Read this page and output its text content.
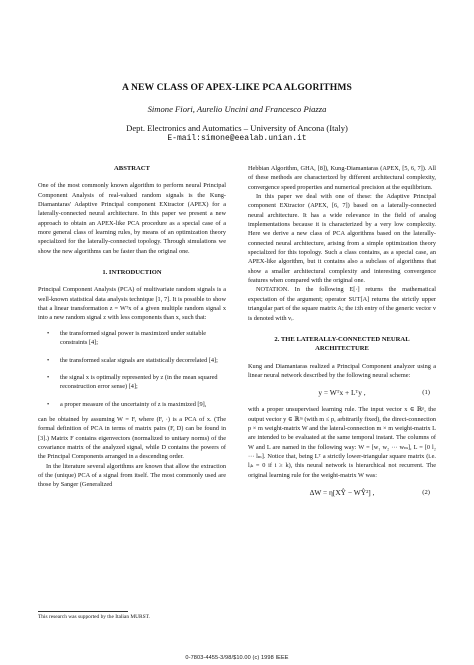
A NEW CLASS OF APEX-LIKE PCA ALGORITHMS
Simone Fiori, Aurelio Uncini and Francesco Piazza
Dept. Electronics and Automatics – University of Ancona (Italy)
E-mail:simone@eealab.unian.it
ABSTRACT

One of the most commonly known algorithm to perform neural Principal Component Analysis of real-valued random signals is the Kung-Diamantaras' Adaptive Principal component EXtractor (APEX) for a laterally-connected neural architecture. In this paper we present a new approach to obtain an APEX-like PCA procedure as a special case of a more general class of learning rules, by means of an optimization theory specialized for the laterally-connected topology. Through simulations we show the new algorithms can be faster than the original one.

1. INTRODUCTION

Principal Component Analysis (PCA) of multivariate random signals is a well-known statistical data analysis technique [1, 7]. It is possible to show that a linear transformation z = Wᵀx of a given multiple random signal x into a new random signal z with less components than x, such that:

• the transformed signal power is maximized under suitable constraints [4];
• the transformed scalar signals are statistically decorrelated [4];
• the signal x is optimally represented by z (in the mean squared reconstruction error sense) [4];
• a proper measure of the uncertainty of z is maximized [9],

can be obtained by assuming W = F, where (F, ·) is a PCA of x. (The formal definition of PCA in terms of matrix pairs (F, D) can be found in [3].) Matrix F contains eigenvectors (normalized to unitary norms) of the covariance matrix of the analyzed signal, while D contains the powers of the Principal Components arranged in a descending order.

In the literature several algorithms are known that allow the extraction of the (unique) PCA of a signal from itself. The most commonly used are those by Sanger (Generalized

Hebbian Algorithm, GHA, [8]), Kung-Diamantaras (APEX, [5, 6, 7]). All of these methods are characterized by different architectural complexity, convergence speed properties and numerical precision at the equilibrium.

In this paper we deal with one of these: the Adaptive Principal component EXtractor (APEX, [6, 7]) based on a laterally-connected neural architecture. It has a wide relevance in the field of analog implementations because it is characterized by a very low complexity. Here we derive a new class of PCA algorithms based on the laterally-connected neural architecture, arising from a simple optimization theory specialized for this topology. Such a class contains, as a special case, an APEX-like algorithm, but it contains also a subclass of algorithms that show a smaller architectural complexity and interesting convergence features when compared with the original one.

NOTATION. In the following E[·] returns the mathematical expectation of the argument; operator SUT[A] returns the strictly upper triangular part of the square matrix A; the i:th entry of the generic vector v is denoted with vᵢ.

2. THE LATERALLY-CONNECTED NEURAL
ARCHITECTURE

Kung and Diamantaras realized a Principal Component analyzer using a linear neural network described by the following neural scheme:

y = Wᵀx + Lᵀy ,	(1)

with a proper unsupervised learning rule. The input vector x ∈ ℝᵖ, the output vector y ∈ ℝᵐ (with m ≤ p, arbitrarily fixed), the direct-connection p × m weight-matrix W and the lateral-connection m × m weight-matrix L are intended to be evaluated at the same temporal instant. The columns of W and L are named in the following way: W = [w₁ w₂ ··· wₘ], L = [0 l₂ ··· lₘ]. Notice that, being Lᵀ a strictly lower-triangular square matrix (i.e. lᵢₖ = 0 if i ≥ k), this neural network is hierarchical not recurrent. The original learning rule for the weight-matrix W was:

ΔW = η[XŶ − WŶ²] ,	(2)
This research was supported by the Italian MURST.
0-7803-4455-3/98/$10.00 (c) 1998 IEEE
